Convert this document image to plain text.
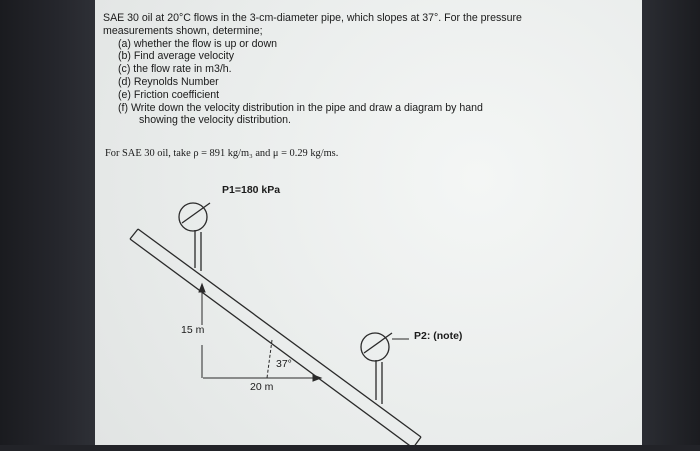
SAE 30 oil at 20°C flows in the 3-cm-diameter pipe, which slopes at 37°. For the pressure
measurements shown, determine;
(a) whether the flow is up or down
(b) Find average velocity
(c) the flow rate in m3/h.
(d) Reynolds Number
(e) Friction coefficient
(f) Write down the velocity distribution in the pipe and draw a diagram by hand
showing the velocity distribution.
For SAE 30 oil, take ρ = 891 kg/m₃ and μ = 0.29 kg/ms.
P1=180 kPa
P2: (note)
15 m
20 m
37°
